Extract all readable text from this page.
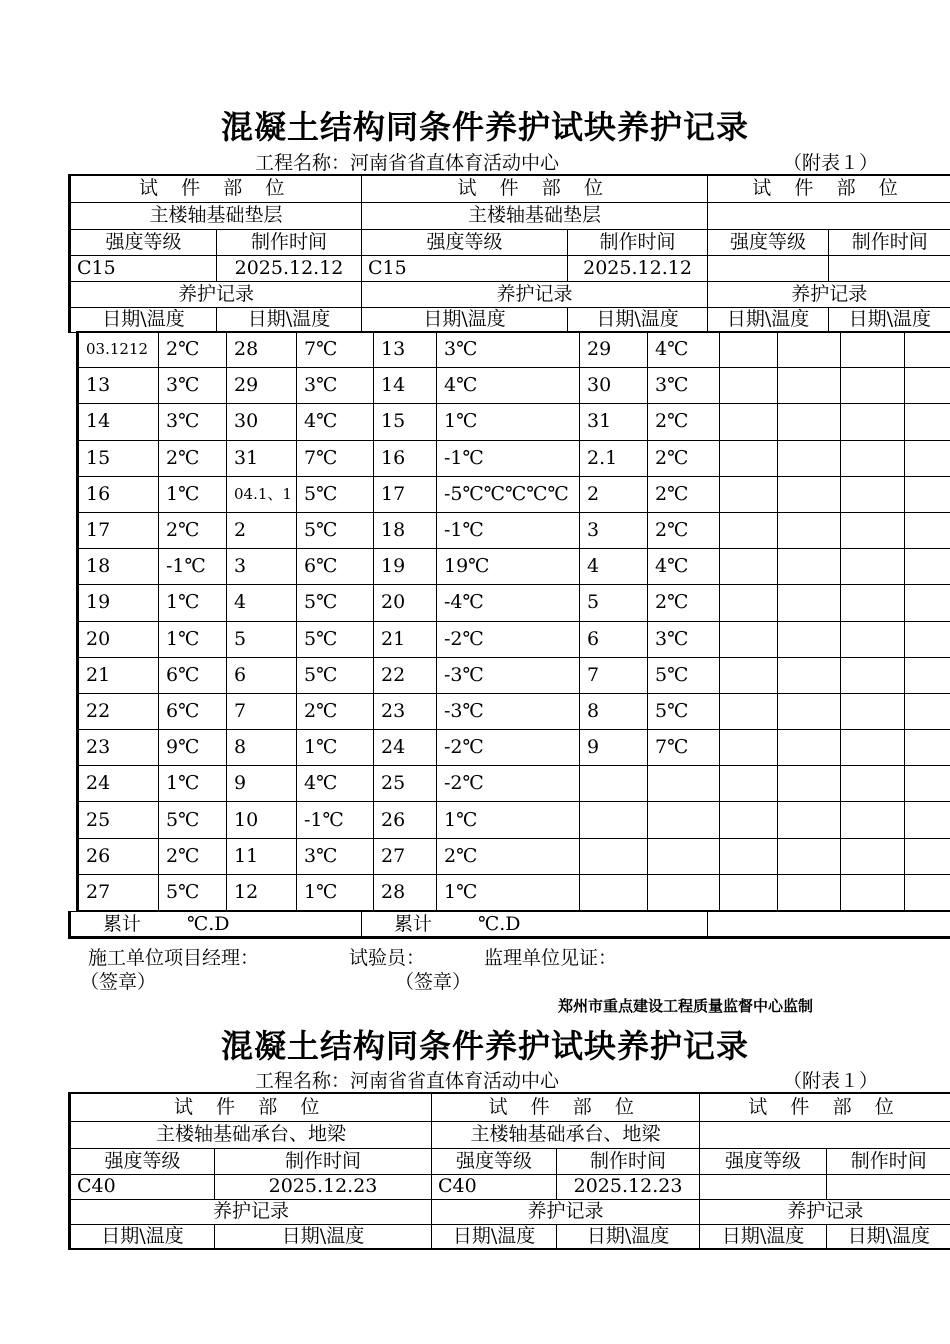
混凝土结构同条件养护试块养护记录
工程名称：河南省省直体育活动中心	（附表１）
试 件 部 位		试 件 部 位		试 件 部 位	
主楼轴基础垫层		主楼轴基础垫层			
强度等级	制作时间	强度等级	制作时间	强度等级	制作时间
C15	2025.12.12	C15	2025.12.12		
养护记录		养护记录		养护记录	
日期\温度	日期\温度	日期\温度	日期\温度	日期\温度	日期\温度
03.1212	2℃	28	7℃	13	3℃	29	4℃				
13	3℃	29	3℃	14	4℃	30	3℃				
14	3℃	30	4℃	15	1℃	31	2℃				
15	2℃	31	7℃	16	-1℃	2.1	2℃				
16	1℃	04.1、1	5℃	17	-5℃℃℃℃℃	2	2℃				
17	2℃	2	5℃	18	-1℃	3	2℃				
18	-1℃	3	6℃	19	19℃	4	4℃				
19	1℃	4	5℃	20	-4℃	5	2℃				
20	1℃	5	5℃	21	-2℃	6	3℃				
21	6℃	6	5℃	22	-3℃	7	5℃				
22	6℃	7	2℃	23	-3℃	8	5℃				
23	9℃	8	1℃	24	-2℃	9	7℃				
24	1℃	9	4℃	25	-2℃						
25	5℃	10	-1℃	26	1℃						
26	2℃	11	3℃	27	2℃						
27	5℃	12	1℃	28	1℃						
累计 ℃.D	累计 ℃.D	
施工单位项目经理：	试验员：	监理单位见证：
（签章）	（签章）
郑州市重点建设工程质量监督中心监制
混凝土结构同条件养护试块养护记录
工程名称：河南省省直体育活动中心	（附表１）
试 件 部 位		试 件 部 位		试 件 部 位	
主楼轴基础承台、地梁		主楼轴基础承台、地梁			
强度等级	制作时间	强度等级	制作时间	强度等级	制作时间
C40	2025.12.23	C40	2025.12.23		
养护记录		养护记录		养护记录	
日期\温度	日期\温度	日期\温度	日期\温度	日期\温度	日期\温度
